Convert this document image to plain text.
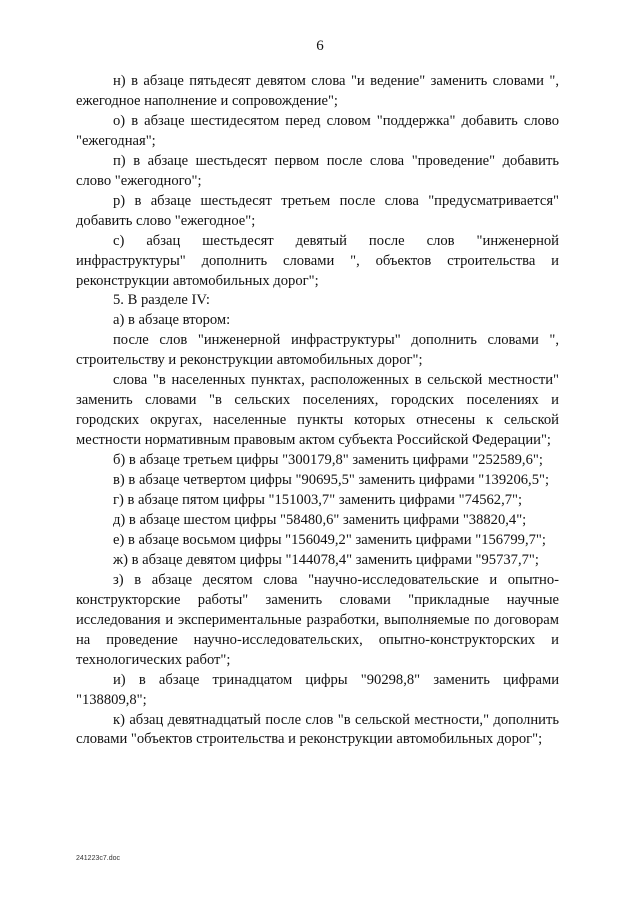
6

н) в абзаце пятьдесят девятом слова "и ведение" заменить словами ", ежегодное наполнение и сопровождение";

о) в абзаце шестидесятом перед словом "поддержка" добавить слово "ежегодная";

п) в абзаце шестьдесят первом после слова "проведение" добавить слово "ежегодного";

р) в абзаце шестьдесят третьем после слова "предусматривается" добавить слово "ежегодное";

с) абзац шестьдесят девятый после слов "инженерной инфраструктуры" дополнить словами ", объектов строительства и реконструкции автомобильных дорог";

5. В разделе IV:

а) в абзаце втором:

после слов "инженерной инфраструктуры" дополнить словами ", строительству и реконструкции автомобильных дорог";

слова "в населенных пунктах, расположенных в сельской местности" заменить словами "в сельских поселениях, городских поселениях и городских округах, населенные пункты которых отнесены к сельской местности нормативным правовым актом субъекта Российской Федерации";

б) в абзаце третьем цифры "300179,8" заменить цифрами "252589,6";

в) в абзаце четвертом цифры "90695,5" заменить цифрами "139206,5";

г) в абзаце пятом цифры "151003,7" заменить цифрами "74562,7";

д) в абзаце шестом цифры "58480,6" заменить цифрами "38820,4";

е) в абзаце восьмом цифры "156049,2" заменить цифрами "156799,7";

ж) в абзаце девятом цифры "144078,4" заменить цифрами "95737,7";

з) в абзаце десятом слова "научно-исследовательские и опытно-конструкторские работы" заменить словами "прикладные научные исследования и экспериментальные разработки, выполняемые по договорам на проведение научно-исследовательских, опытно-конструкторских и технологических работ";

и) в абзаце тринадцатом цифры "90298,8" заменить цифрами "138809,8";

к) абзац девятнадцатый после слов "в сельской местности," дополнить словами "объектов строительства и реконструкции автомобильных дорог";

241223c7.doc
